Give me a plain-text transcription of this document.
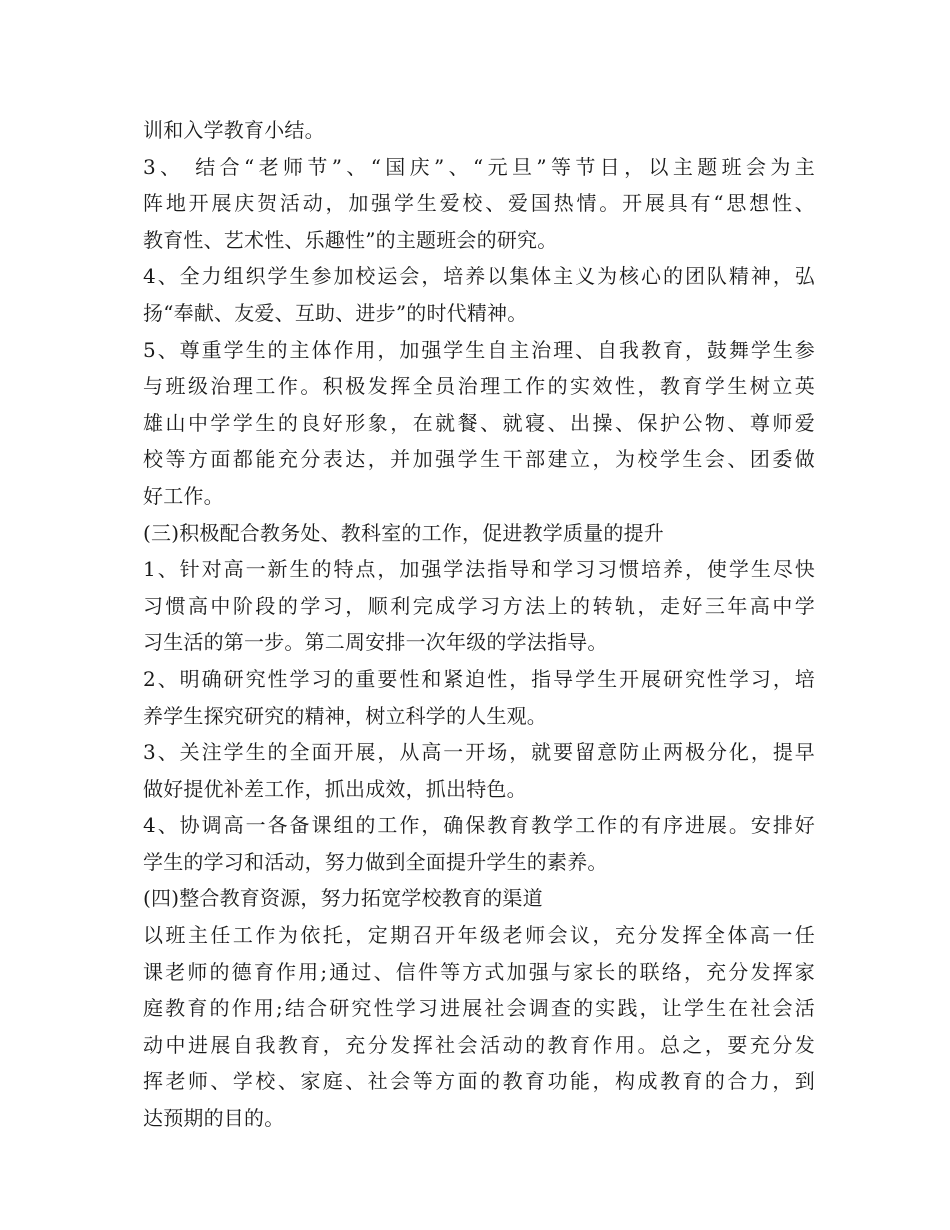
训和入学教育小结。
3、 结合“老师节”、“国庆”、“元旦”等节日，以主题班会为主
阵地开展庆贺活动，加强学生爱校、爱国热情。开展具有“思想性、
教育性、艺术性、乐趣性”的主题班会的研究。
4、全力组织学生参加校运会，培养以集体主义为核心的团队精神，弘
扬“奉献、友爱、互助、进步”的时代精神。
5、尊重学生的主体作用，加强学生自主治理、自我教育，鼓舞学生参
与班级治理工作。积极发挥全员治理工作的实效性，教育学生树立英
雄山中学学生的良好形象，在就餐、就寝、出操、保护公物、尊师爱
校等方面都能充分表达，并加强学生干部建立，为校学生会、团委做
好工作。
(三)积极配合教务处、教科室的工作，促进教学质量的提升
1、针对高一新生的特点，加强学法指导和学习习惯培养，使学生尽快
习惯高中阶段的学习，顺利完成学习方法上的转轨，走好三年高中学
习生活的第一步。第二周安排一次年级的学法指导。
2、明确研究性学习的重要性和紧迫性，指导学生开展研究性学习，培
养学生探究研究的精神，树立科学的人生观。
3、关注学生的全面开展，从高一开场，就要留意防止两极分化，提早
做好提优补差工作，抓出成效，抓出特色。
4、协调高一各备课组的工作，确保教育教学工作的有序进展。安排好
学生的学习和活动，努力做到全面提升学生的素养。
(四)整合教育资源，努力拓宽学校教育的渠道
以班主任工作为依托，定期召开年级老师会议，充分发挥全体高一任
课老师的德育作用;通过、信件等方式加强与家长的联络，充分发挥家
庭教育的作用;结合研究性学习进展社会调查的实践，让学生在社会活
动中进展自我教育，充分发挥社会活动的教育作用。总之，要充分发
挥老师、学校、家庭、社会等方面的教育功能，构成教育的合力，到
达预期的目的。
